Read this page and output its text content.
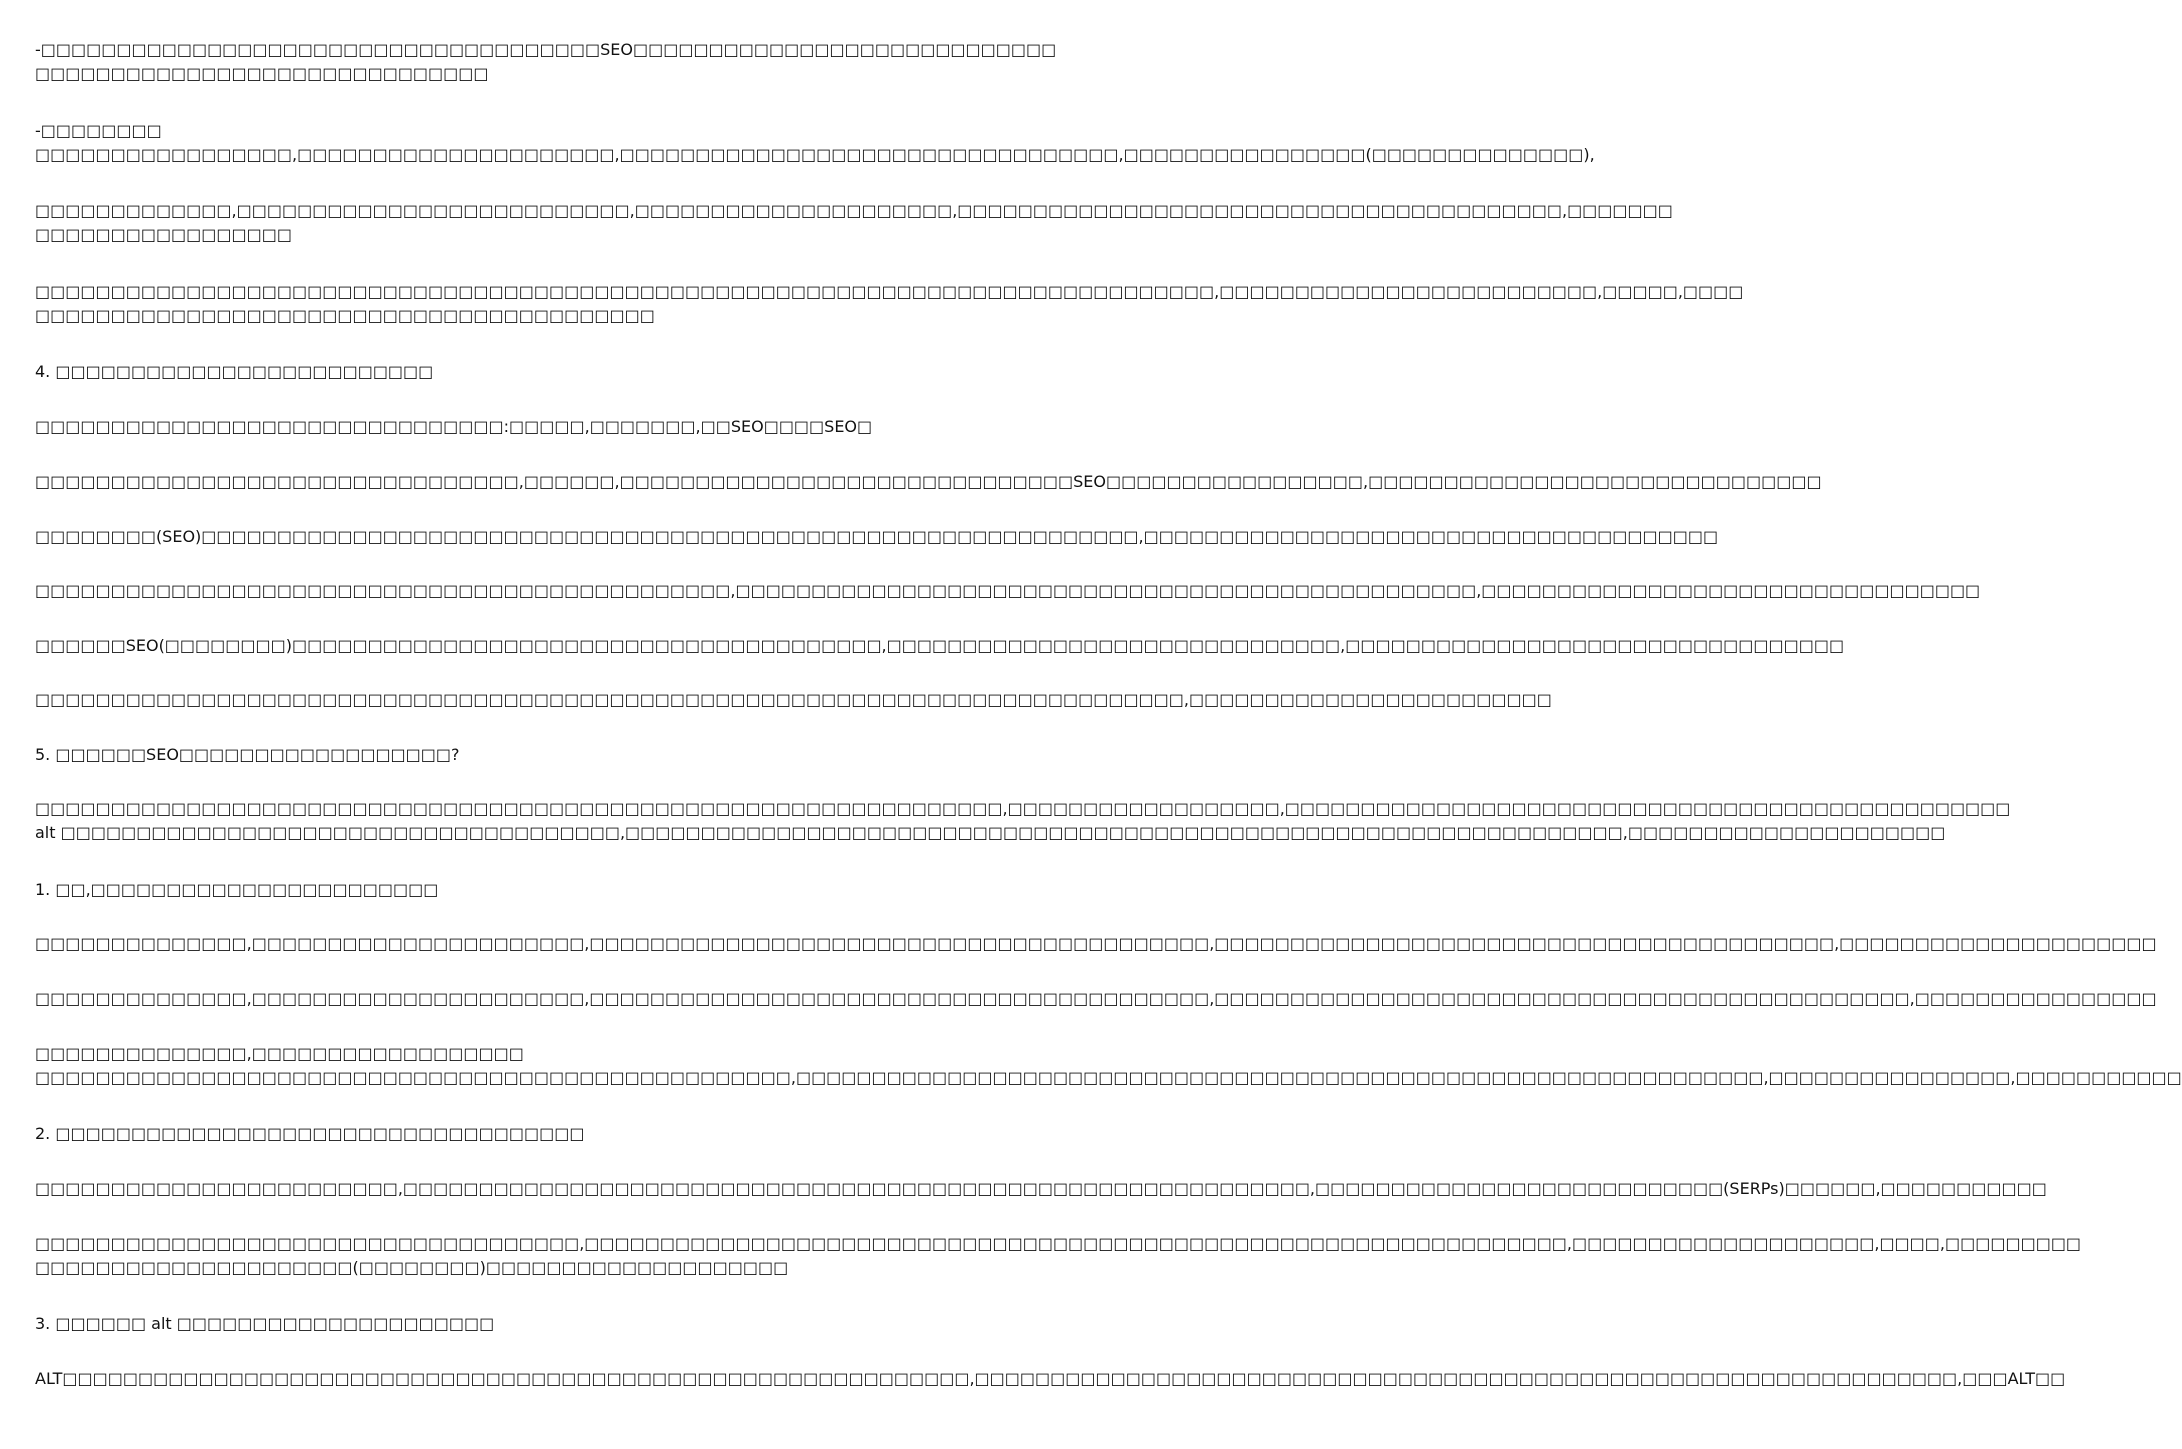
-□□□□□□□□□□□□□□□□□□□□□□□□□□□□□□□□□□□□□SEO□□□□□□□□□□□□□□□□□□□□□□□□□□□□
□□□□□□□□□□□□□□□□□□□□□□□□□□□□□□
-□□□□□□□□
□□□□□□□□□□□□□□□□□,□□□□□□□□□□□□□□□□□□□□□,□□□□□□□□□□□□□□□□□□□□□□□□□□□□□□□□□,□□□□□□□□□□□□□□□□(□□□□□□□□□□□□□□),
□□□□□□□□□□□□□,□□□□□□□□□□□□□□□□□□□□□□□□□□,□□□□□□□□□□□□□□□□□□□□□,□□□□□□□□□□□□□□□□□□□□□□□□□□□□□□□□□□□□□□□□,□□□□□□□
□□□□□□□□□□□□□□□□□
□□□□□□□□□□□□□□□□□□□□□□□□□□□□□□□□□□□□□□□□□□□□□□□□□□□□□□□□□□□□□□□□□□□□□□□□□□□□□□,□□□□□□□□□□□□□□□□□□□□□□□□□,□□□□□,□□□□
□□□□□□□□□□□□□□□□□□□□□□□□□□□□□□□□□□□□□□□□□
4. □□□□□□□□□□□□□□□□□□□□□□□□□
□□□□□□□□□□□□□□□□□□□□□□□□□□□□□□□:□□□□□,□□□□□□□,□□SEO□□□□SEO□
□□□□□□□□□□□□□□□□□□□□□□□□□□□□□□□□,□□□□□□,□□□□□□□□□□□□□□□□□□□□□□□□□□□□□□SEO□□□□□□□□□□□□□□□□□,□□□□□□□□□□□□□□□□□□□□□□□□□□□□□□
□□□□□□□□(SEO)□□□□□□□□□□□□□□□□□□□□□□□□□□□□□□□□□□□□□□□□□□□□□□□□□□□□□□□□□□□□□□,□□□□□□□□□□□□□□□□□□□□□□□□□□□□□□□□□□□□□□
□□□□□□□□□□□□□□□□□□□□□□□□□□□□□□□□□□□□□□□□□□□□□□,□□□□□□□□□□□□□□□□□□□□□□□□□□□□□□□□□□□□□□□□□□□□□□□□□,□□□□□□□□□□□□□□□□□□□□□□□□□□□□□□□□□
□□□□□□SEO(□□□□□□□□)□□□□□□□□□□□□□□□□□□□□□□□□□□□□□□□□□□□□□□□,□□□□□□□□□□□□□□□□□□□□□□□□□□□□□□,□□□□□□□□□□□□□□□□□□□□□□□□□□□□□□□□□
□□□□□□□□□□□□□□□□□□□□□□□□□□□□□□□□□□□□□□□□□□□□□□□□□□□□□□□□□□□□□□□□□□□□□□□□□□□□,□□□□□□□□□□□□□□□□□□□□□□□□
5. □□□□□□SEO□□□□□□□□□□□□□□□□□□?
□□□□□□□□□□□□□□□□□□□□□□□□□□□□□□□□□□□□□□□□□□□□□□□□□□□□□□□□□□□□□□□□,□□□□□□□□□□□□□□□□□□,□□□□□□□□□□□□□□□□□□□□□□□□□□□□□□□□□□□□□□□□□□□□□□□□
alt □□□□□□□□□□□□□□□□□□□□□□□□□□□□□□□□□□□□□,□□□□□□□□□□□□□□□□□□□□□□□□□□□□□□□□□□□□□□□□□□□□□□□□□□□□□□□□□□□□□□□□□□,□□□□□□□□□□□□□□□□□□□□□
1. □□,□□□□□□□□□□□□□□□□□□□□□□□
□□□□□□□□□□□□□□,□□□□□□□□□□□□□□□□□□□□□□,□□□□□□□□□□□□□□□□□□□□□□□□□□□□□□□□□□□□□□□□□,□□□□□□□□□□□□□□□□□□□□□□□□□□□□□□□□□□□□□□□□□,□□□□□□□□□□□□□□□□□□□□□
□□□□□□□□□□□□□□,□□□□□□□□□□□□□□□□□□□□□□,□□□□□□□□□□□□□□□□□□□□□□□□□□□□□□□□□□□□□□□□□,□□□□□□□□□□□□□□□□□□□□□□□□□□□□□□□□□□□□□□□□□□□□□□,□□□□□□□□□□□□□□□□
□□□□□□□□□□□□□□,□□□□□□□□□□□□□□□□□□
□□□□□□□□□□□□□□□□□□□□□□□□□□□□□□□□□□□□□□□□□□□□□□□□□□,□□□□□□□□□□□□□□□□□□□□□□□□□□□□□□□□□□□□□□□□□□□□□□□□□□□□□□□□□□□□□□□□,□□□□□□□□□□□□□□□□,□□□□□□□□□□□
2. □□□□□□□□□□□□□□□□□□□□□□□□□□□□□□□□□□□
□□□□□□□□□□□□□□□□□□□□□□□□,□□□□□□□□□□□□□□□□□□□□□□□□□□□□□□□□□□□□□□□□□□□□□□□□□□□□□□□□□□□□,□□□□□□□□□□□□□□□□□□□□□□□□□□□(SERPs)□□□□□□,□□□□□□□□□□□
□□□□□□□□□□□□□□□□□□□□□□□□□□□□□□□□□□□□,□□□□□□□□□□□□□□□□□□□□□□□□□□□□□□□□□□□□□□□□□□□□□□□□□□□□□□□□□□□□□□□□□,□□□□□□□□□□□□□□□□□□□□,□□□□,□□□□□□□□□
□□□□□□□□□□□□□□□□□□□□□(□□□□□□□□)□□□□□□□□□□□□□□□□□□□□
3. □□□□□□ alt □□□□□□□□□□□□□□□□□□□□□
ALT□□□□□□□□□□□□□□□□□□□□□□□□□□□□□□□□□□□□□□□□□□□□□□□□□□□□□□□□□□□□,□□□□□□□□□□□□□□□□□□□□□□□□□□□□□□□□□□□□□□□□□□□□□□□□□□□□□□□□□□□□□□□□□,□□□ALT□□
